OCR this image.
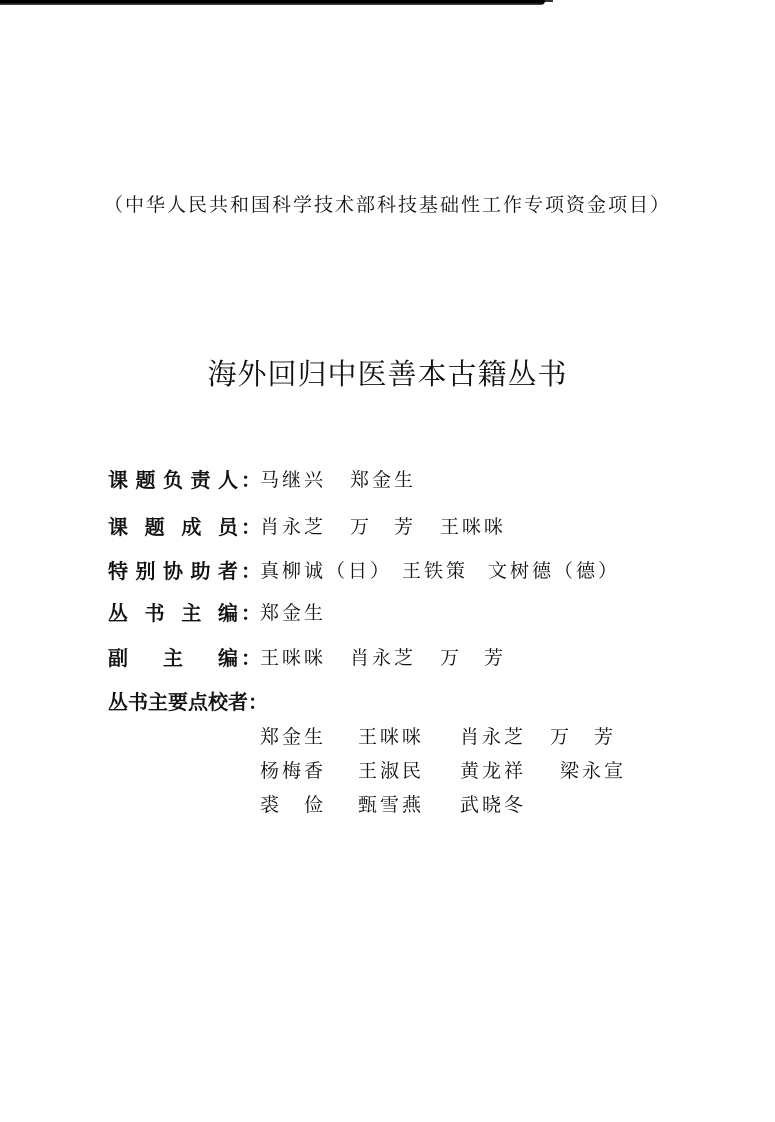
（中华人民共和国科学技术部科技基础性工作专项资金项目）
海外回归中医善本古籍丛书
课 题 负 责 人 ： 马继兴 郑金生
课 题 成 员 ： 肖永芝 万　芳 王咪咪
特 别 协 助 者 ： 真柳诚（日） 王铁策 文树德（德）
丛 书 主 编 ： 郑金生
副 主 编 ： 王咪咪 肖永芝 万　芳
丛书主要点校者：
郑金生 王咪咪 肖永芝 万　芳
杨梅香 王淑民 黄龙祥 梁永宣
裘　俭 甄雪燕 武晓冬
